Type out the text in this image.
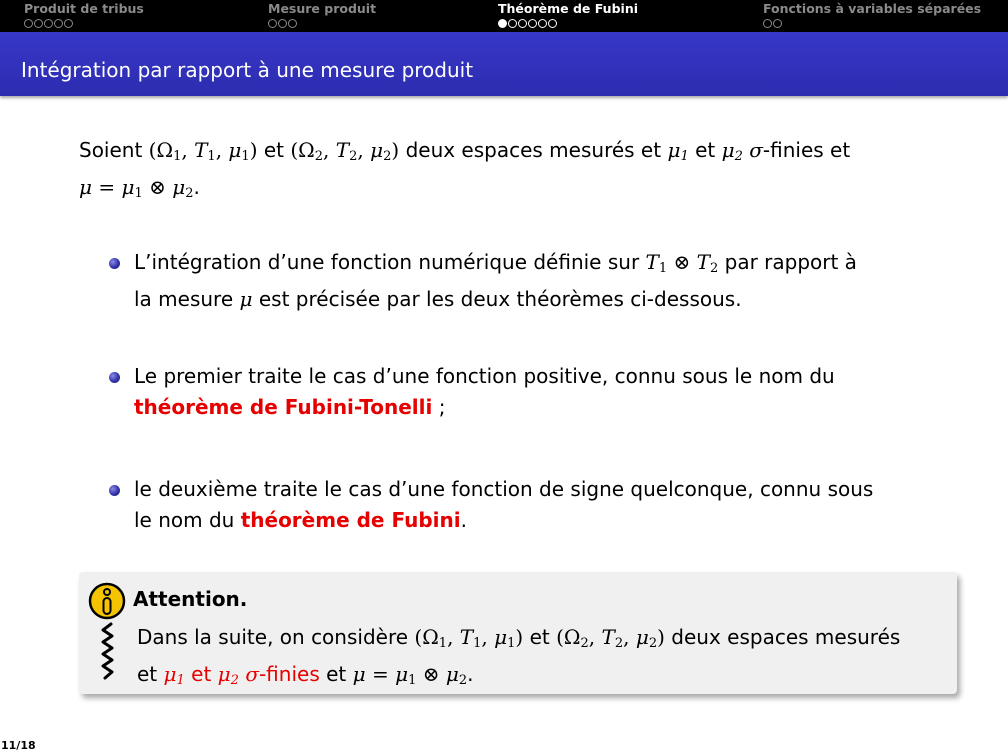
Produit de tribus	Mesure produit	Théorème de Fubini	Fonctions à variables séparées
Intégration par rapport à une mesure produit
Soient ($\Omega_1$, $T_1$, $\mu_1$) et ($\Omega_2$, $T_2$, $\mu_2$) deux espaces mesurés et $\mu_1$ et $\mu_2$ σ-finies et
$\mu = \mu_1$ ⊗ $\mu_2$.
L’intégration d’une fonction numérique définie sur $T_1$ ⊗ $T_2$ par rapport à
la mesure μ est précisée par les deux théorèmes ci-dessous.
Le premier traite le cas d’une fonction positive, connu sous le nom du
théorème de Fubini-Tonelli ;
le deuxième traite le cas d’une fonction de signe quelconque, connu sous
le nom du théorème de Fubini.
Attention.
Dans la suite, on considère ($\Omega_1$, $T_1$, $\mu_1$) et ($\Omega_2$, $T_2$, $\mu_2$) deux espaces mesurés
et $\mu_1$ et $\mu_2$ σ-finies et $\mu = \mu_1$ ⊗ $\mu_2$.
11/18
